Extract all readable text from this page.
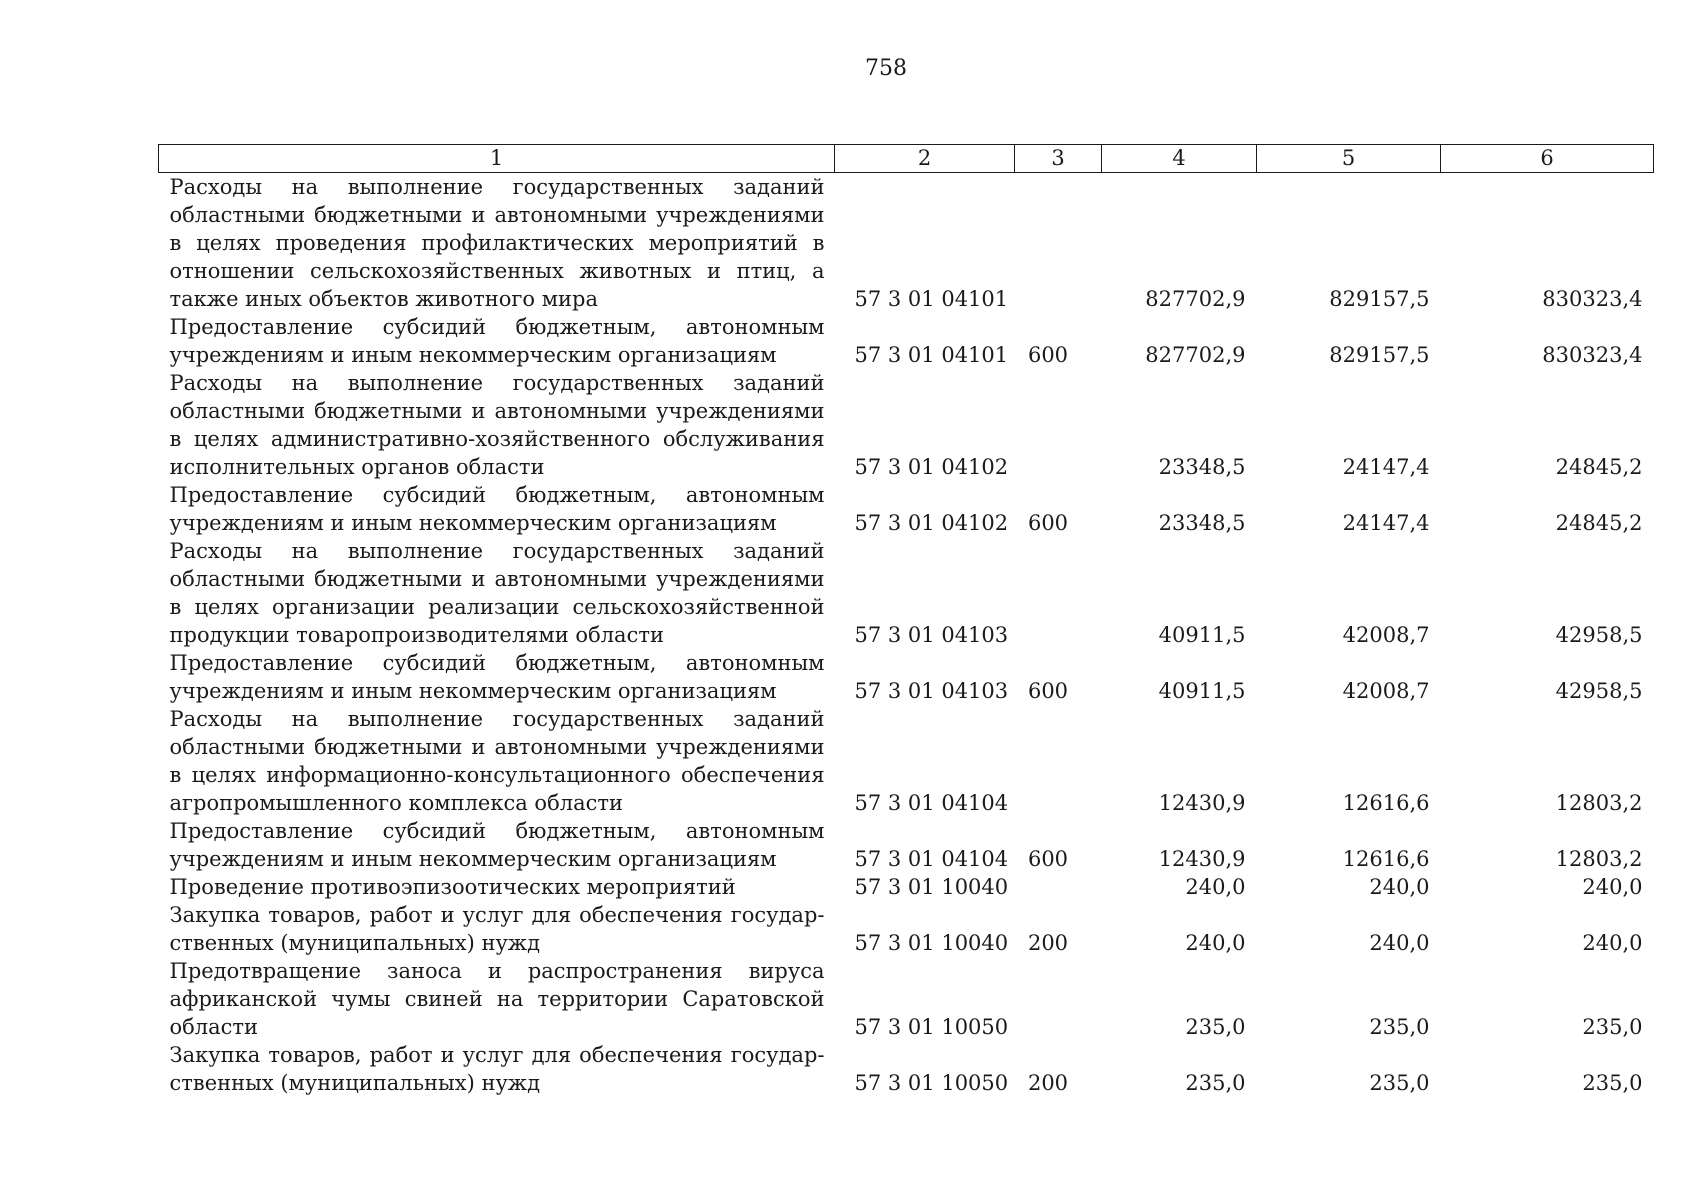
758
1	2	3	4	5	6
Расходы на выполнение государственных заданий областными бюджетными и автономными учреждениями в целях проведения профилактических мероприятий в отношении сельскохозяйственных животных и птиц, а также иных объектов животного мира	57 3 01 04101		827702,9	829157,5	830323,4
Предоставление субсидий бюджетным, автономным учреждениям и иным некоммерческим организациям	57 3 01 04101	600	827702,9	829157,5	830323,4
Расходы на выполнение государственных заданий областными бюджетными и автономными учреждениями в целях административно-хозяйственного обслуживания исполнительных органов области	57 3 01 04102		23348,5	24147,4	24845,2
Предоставление субсидий бюджетным, автономным учреждениям и иным некоммерческим организациям	57 3 01 04102	600	23348,5	24147,4	24845,2
Расходы на выполнение государственных заданий областными бюджетными и автономными учреждениями в целях организации реализации сельскохозяйственной продукции товаропроизводителями области	57 3 01 04103		40911,5	42008,7	42958,5
Предоставление субсидий бюджетным, автономным учреждениям и иным некоммерческим организациям	57 3 01 04103	600	40911,5	42008,7	42958,5
Расходы на выполнение государственных заданий областными бюджетными и автономными учреждениями в целях информационно-консультационного обеспечения агропромышленного комплекса области	57 3 01 04104		12430,9	12616,6	12803,2
Предоставление субсидий бюджетным, автономным учреждениям и иным некоммерческим организациям	57 3 01 04104	600	12430,9	12616,6	12803,2
Проведение противоэпизоотических мероприятий	57 3 01 10040		240,0	240,0	240,0
Закупка товаров, работ и услуг для обеспечения государственных (муниципальных) нужд	57 3 01 10040	200	240,0	240,0	240,0
Предотвращение заноса и распространения вируса африканской чумы свиней на территории Саратовской области	57 3 01 10050		235,0	235,0	235,0
Закупка товаров, работ и услуг для обеспечения государственных (муниципальных) нужд	57 3 01 10050	200	235,0	235,0	235,0
